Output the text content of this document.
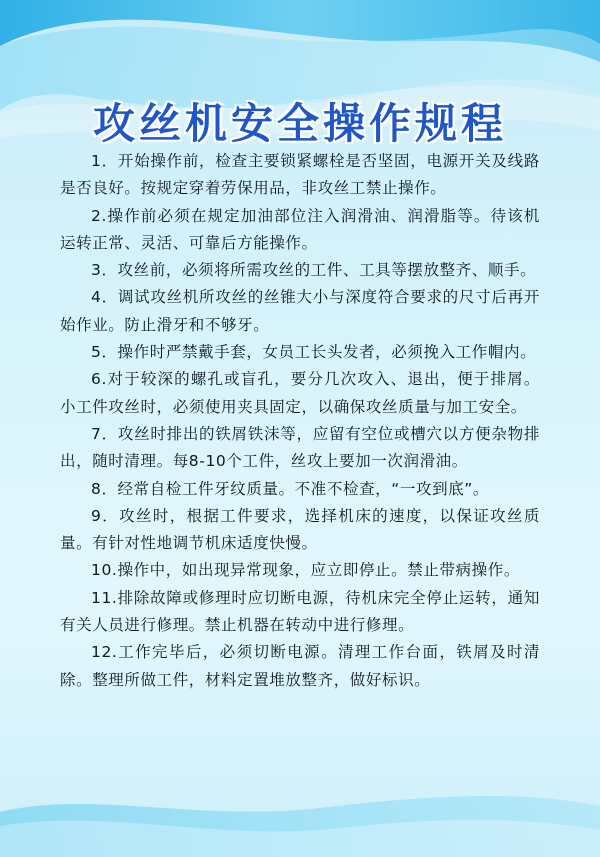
攻丝机安全操作规程
1．开始操作前，检查主要锁紧螺栓是否坚固，电源开关及线路是否良好。按规定穿着劳保用品，非攻丝工禁止操作。
2.操作前必须在规定加油部位注入润滑油、润滑脂等。待该机运转正常、灵活、可靠后方能操作。
3．攻丝前，必须将所需攻丝的工件、工具等摆放整齐、顺手。
4．调试攻丝机所攻丝的丝锥大小与深度符合要求的尺寸后再开始作业。防止滑牙和不够牙。
5．操作时严禁戴手套，女员工长头发者，必须挽入工作帽内。
6.对于较深的螺孔或盲孔，要分几次攻入、退出，便于排屑。 小工件攻丝时，必须使用夹具固定，以确保攻丝质量与加工安全。
7．攻丝时排出的铁屑铁沫等，应留有空位或槽穴以方便杂物排出，随时清理。每8-10个工件，丝攻上要加一次润滑油。
8．经常自检工件牙纹质量。不准不检查，“一攻到底”。
9．攻丝时，根据工件要求，选择机床的速度，以保证攻丝质量。有针对性地调节机床适度快慢。
10.操作中，如出现异常现象，应立即停止。禁止带病操作。
11.排除故障或修理时应切断电源，待机床完全停止运转，通知有关人员进行修理。禁止机器在转动中进行修理。
12.工作完毕后，必须切断电源。清理工作台面，铁屑及时清除。整理所做工件，材料定置堆放整齐，做好标识。
